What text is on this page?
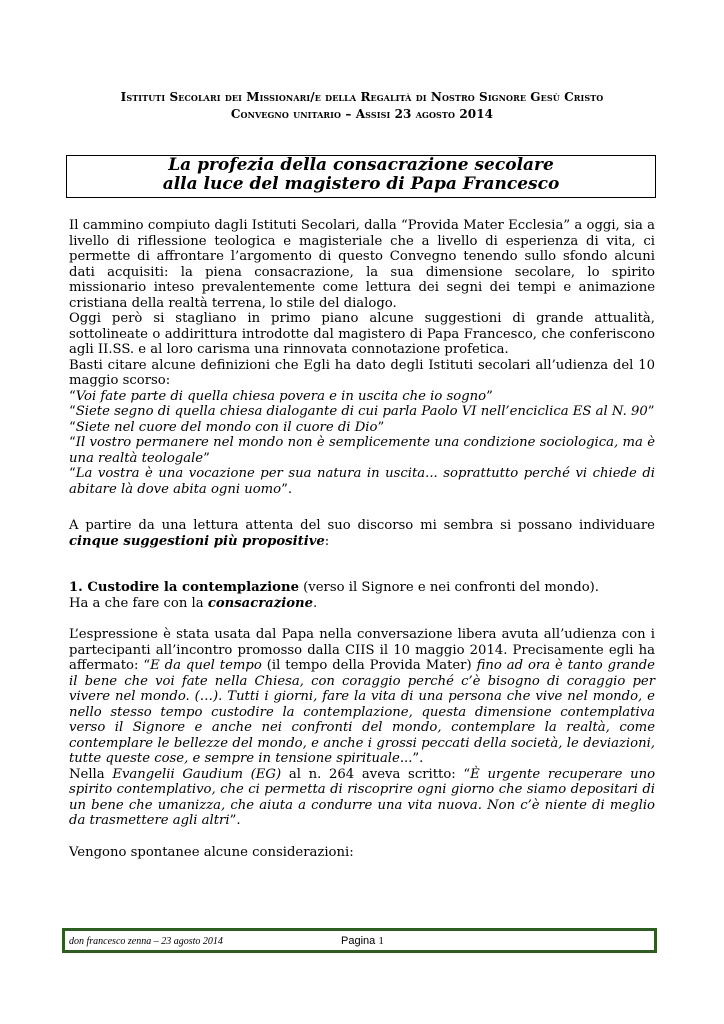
Istituti Secolari dei Missionari/e della Regalità di Nostro Signore Gesù Cristo
Convegno unitario – Assisi 23 agosto 2014
La profezia della consacrazione secolare
alla luce del magistero di Papa Francesco

Il cammino compiuto dagli Istituti Secolari, dalla “Provida Mater Ecclesia” a oggi, sia a livello di riflessione teologica e magisteriale che a livello di esperienza di vita, ci permette di affrontare l’argomento di questo Convegno tenendo sullo sfondo alcuni dati acquisiti: la piena consacrazione, la sua dimensione secolare, lo spirito missionario inteso prevalentemente come lettura dei segni dei tempi e animazione cristiana della realtà terrena, lo stile del dialogo.

Oggi però si stagliano in primo piano alcune suggestioni di grande attualità, sottolineate o addirittura introdotte dal magistero di Papa Francesco, che conferiscono agli II.SS. e al loro carisma una rinnovata connotazione profetica.

Basti citare alcune definizioni che Egli ha dato degli Istituti secolari all’udienza del 10 maggio scorso:

“Voi fate parte di quella chiesa povera e in uscita che io sogno”

“Siete segno di quella chiesa dialogante di cui parla Paolo VI nell’enciclica ES al N. 90”

“Siete nel cuore del mondo con il cuore di Dio”

“Il vostro permanere nel mondo non è semplicemente una condizione sociologica, ma è una realtà teologale”

“La vostra è una vocazione per sua natura in uscita... soprattutto perché vi chiede di abitare là dove abita ogni uomo”.

A partire da una lettura attenta del suo discorso mi sembra si possano individuare cinque suggestioni più propositive:
1. Custodire la contemplazione (verso il Signore e nei confronti del mondo).
Ha a che fare con la consacrazione.

L’espressione è stata usata dal Papa nella conversazione libera avuta all’udienza con i partecipanti all’incontro promosso dalla CIIS il 10 maggio 2014. Precisamente egli ha affermato: “E da quel tempo (il tempo della Provida Mater) fino ad ora è tanto grande il bene che voi fate nella Chiesa, con coraggio perché c’è bisogno di coraggio per vivere nel mondo. (…). Tutti i giorni, fare la vita di una persona che vive nel mondo, e nello stesso tempo custodire la contemplazione, questa dimensione contemplativa verso il Signore e anche nei confronti del mondo, contemplare la realtà, come contemplare le bellezze del mondo, e anche i grossi peccati della società, le deviazioni, tutte queste cose, e sempre in tensione spirituale...”.

Nella Evangelii Gaudium (EG) al n. 264 aveva scritto: “È urgente recuperare uno spirito contemplativo, che ci permetta di riscoprire ogni giorno che siamo depositari di un bene che umanizza, che aiuta a condurre una vita nuova. Non c’è niente di meglio da trasmettere agli altri”.

Vengono spontanee alcune considerazioni:
don francesco zenna – 23 agosto 2014	Pagina 1
